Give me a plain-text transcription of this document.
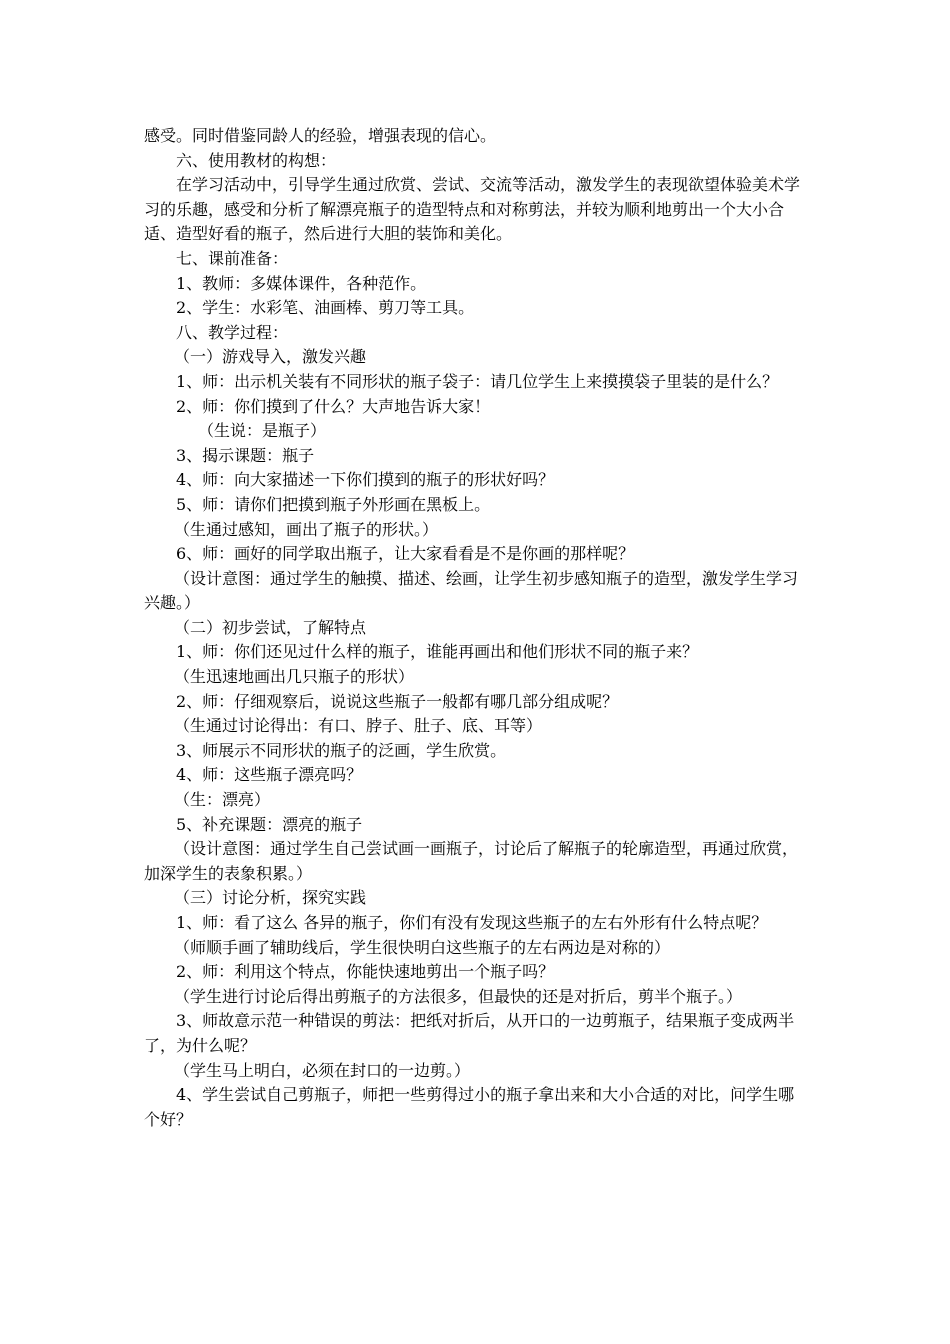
感受。同时借鉴同龄人的经验，增强表现的信心。

六、使用教材的构想：

在学习活动中，引导学生通过欣赏、尝试、交流等活动，激发学生的表现欲望体验美术学习的乐趣，感受和分析了解漂亮瓶子的造型特点和对称剪法，并较为顺利地剪出一个大小合适、造型好看的瓶子，然后进行大胆的装饰和美化。

七、课前准备：

1、教师：多媒体课件，各种范作。

2、学生：水彩笔、油画棒、剪刀等工具。

八、教学过程：

（一）游戏导入，激发兴趣

1、师：出示机关装有不同形状的瓶子袋子：请几位学生上来摸摸袋子里装的是什么？

2、师：你们摸到了什么？大声地告诉大家！

（生说：是瓶子）

3、揭示课题：瓶子

4、师：向大家描述一下你们摸到的瓶子的形状好吗？

5、师：请你们把摸到瓶子外形画在黑板上。

（生通过感知，画出了瓶子的形状。）

6、师：画好的同学取出瓶子，让大家看看是不是你画的那样呢？

（设计意图：通过学生的触摸、描述、绘画，让学生初步感知瓶子的造型，激发学生学习兴趣。）

（二）初步尝试，了解特点

1、师：你们还见过什么样的瓶子，谁能再画出和他们形状不同的瓶子来？

（生迅速地画出几只瓶子的形状）

2、师：仔细观察后，说说这些瓶子一般都有哪几部分组成呢？

（生通过讨论得出：有口、脖子、肚子、底、耳等）

3、师展示不同形状的瓶子的泛画，学生欣赏。

4、师：这些瓶子漂亮吗？

（生：漂亮）

5、补充课题：漂亮的瓶子

（设计意图：通过学生自己尝试画一画瓶子，讨论后了解瓶子的轮廓造型，再通过欣赏，加深学生的表象积累。）

（三）讨论分析，探究实践

1、师：看了这么 各异的瓶子，你们有没有发现这些瓶子的左右外形有什么特点呢？

（师顺手画了辅助线后，学生很快明白这些瓶子的左右两边是对称的）

2、师：利用这个特点，你能快速地剪出一个瓶子吗？

（学生进行讨论后得出剪瓶子的方法很多，但最快的还是对折后，剪半个瓶子。）

3、师故意示范一种错误的剪法：把纸对折后，从开口的一边剪瓶子，结果瓶子变成两半了，为什么呢？

（学生马上明白，必须在封口的一边剪。）

4、学生尝试自己剪瓶子，师把一些剪得过小的瓶子拿出来和大小合适的对比，问学生哪个好？
